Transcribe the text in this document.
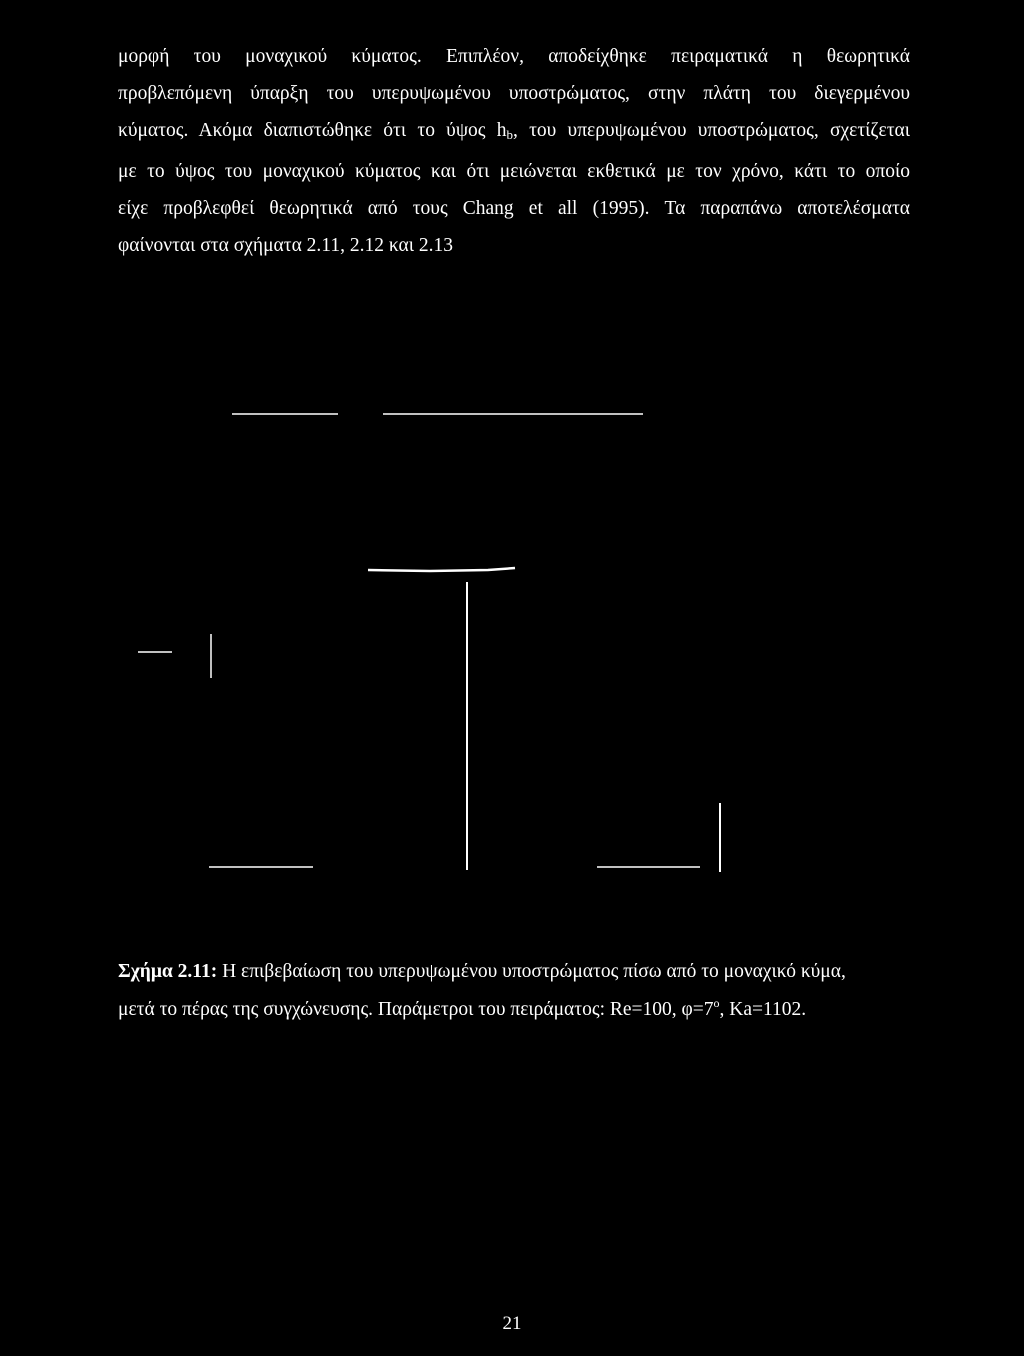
μορφή του μοναχικού κύματος. Επιπλέον, αποδείχθηκε πειραματικά η θεωρητικά
προβλεπόμενη ύπαρξη του υπερυψωμένου υποστρώματος, στην πλάτη του διεγερμένου
κύματος. Ακόμα διαπιστώθηκε ότι το ύψος $h_b$, του υπερυψωμένου υποστρώματος, σχετίζεται
με το ύψος του μοναχικού κύματος και ότι μειώνεται εκθετικά με τον χρόνο, κάτι το οποίο
είχε προβλεφθεί θεωρητικά από τους Chang et all (1995). Τα παραπάνω αποτελέσματα
φαίνονται στα σχήματα 2.11, 2.12 και 2.13
Σχήμα 2.11: Η επιβεβαίωση του υπερυψωμένου υποστρώματος πίσω από το μοναχικό κύμα,
μετά το πέρας της συγχώνευσης. Παράμετροι του πειράματος: Re=100, $\varphi=7^o$, Ka=1102.
21
